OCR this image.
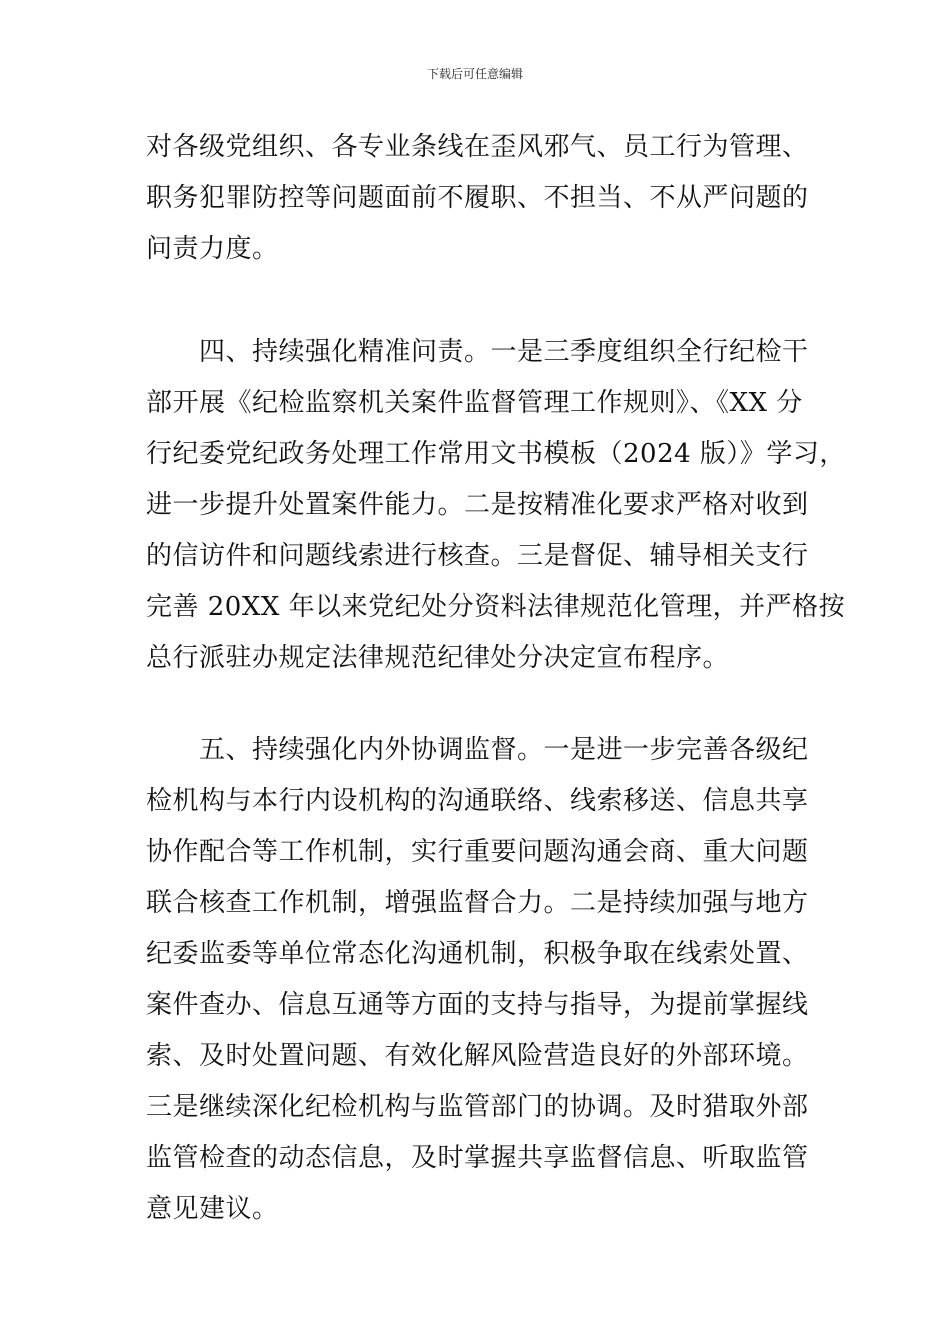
下载后可任意编辑
对各级党组织、各专业条线在歪风邪气、员工行为管理、
职务犯罪防控等问题面前不履职、不担当、不从严问题的
问责力度。
　　四、持续强化精准问责。一是三季度组织全行纪检干
部开展《纪检监察机关案件监督管理工作规则》、《XX 分
行纪委党纪政务处理工作常用文书模板（2024 版）》学习，
进一步提升处置案件能力。二是按精准化要求严格对收到
的信访件和问题线索进行核查。三是督促、辅导相关支行
完善 20XX 年以来党纪处分资料法律规范化管理，并严格按
总行派驻办规定法律规范纪律处分决定宣布程序。
　　五、持续强化内外协调监督。一是进一步完善各级纪
检机构与本行内设机构的沟通联络、线索移送、信息共享
协作配合等工作机制，实行重要问题沟通会商、重大问题
联合核查工作机制，增强监督合力。二是持续加强与地方
纪委监委等单位常态化沟通机制，积极争取在线索处置、
案件查办、信息互通等方面的支持与指导，为提前掌握线
索、及时处置问题、有效化解风险营造良好的外部环境。
三是继续深化纪检机构与监管部门的协调。及时猎取外部
监管检查的动态信息，及时掌握共享监督信息、听取监管
意见建议。
